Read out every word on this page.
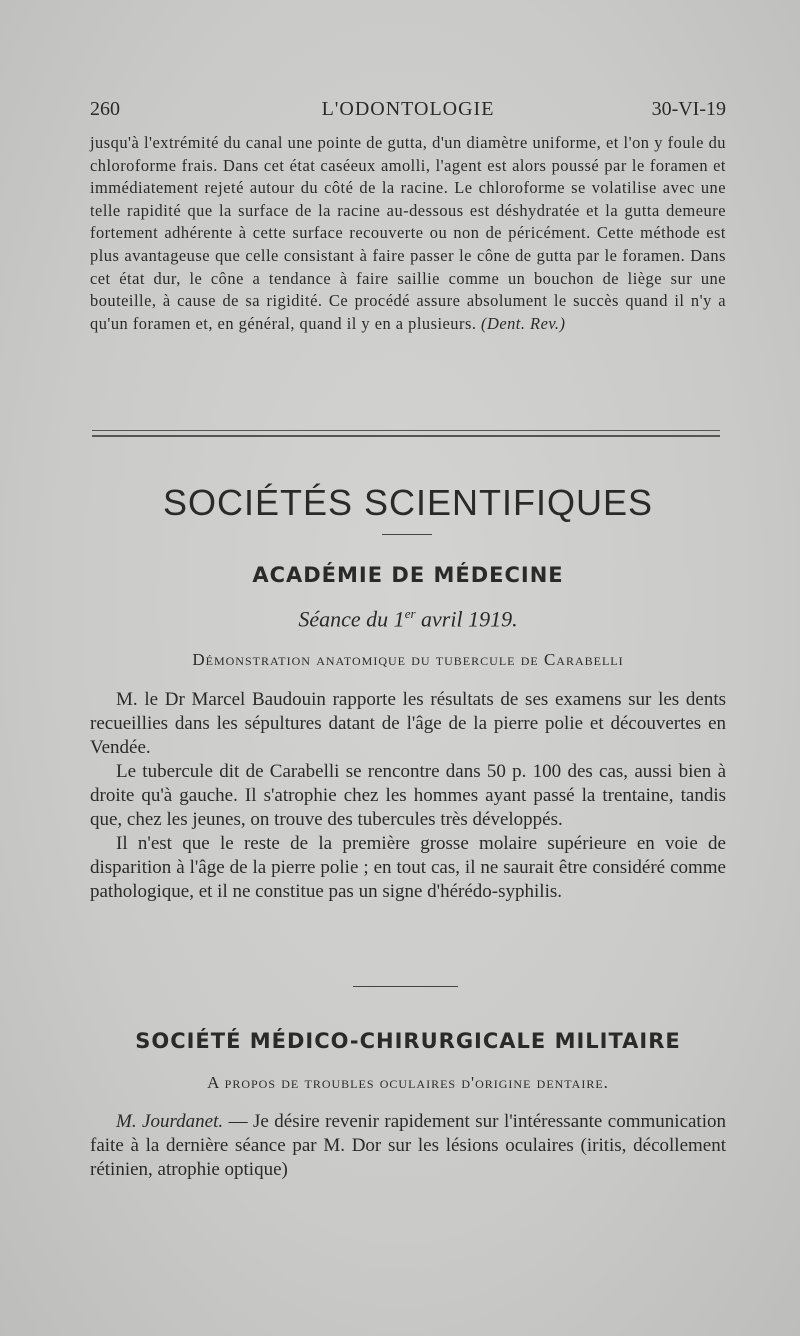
260	L'ODONTOLOGIE	30-VI-19

jusqu'à l'extrémité du canal une pointe de gutta, d'un diamètre uniforme, et l'on y foule du chloroforme frais. Dans cet état caséeux amolli, l'agent est alors poussé par le foramen et immédiatement rejeté autour du côté de la racine. Le chloroforme se volatilise avec une telle rapidité que la surface de la racine au-dessous est déshydratée et la gutta demeure fortement adhérente à cette surface recouverte ou non de péricément. Cette méthode est plus avantageuse que celle consistant à faire passer le cône de gutta par le foramen. Dans cet état dur, le cône a tendance à faire saillie comme un bouchon de liège sur une bouteille, à cause de sa rigidité. Ce procédé assure absolument le succès quand il n'y a qu'un foramen et, en général, quand il y en a plusieurs. (Dent. Rev.)

SOCIÉTÉS SCIENTIFIQUES
ACADÉMIE DE MÉDECINE
Séance du 1er avril 1919.
Démonstration anatomique du tubercule de Carabelli

M. le Dr Marcel Baudouin rapporte les résultats de ses examens sur les dents recueillies dans les sépultures datant de l'âge de la pierre polie et découvertes en Vendée.

Le tubercule dit de Carabelli se rencontre dans 50 p. 100 des cas, aussi bien à droite qu'à gauche. Il s'atrophie chez les hommes ayant passé la trentaine, tandis que, chez les jeunes, on trouve des tubercules très développés.

Il n'est que le reste de la première grosse molaire supérieure en voie de disparition à l'âge de la pierre polie ; en tout cas, il ne saurait être considéré comme pathologique, et il ne constitue pas un signe d'hérédo-syphilis.

SOCIÉTÉ MÉDICO-CHIRURGICALE MILITAIRE
A propos de troubles oculaires d'origine dentaire.

M. Jourdanet. — Je désire revenir rapidement sur l'intéressante communication faite à la dernière séance par M. Dor sur les lésions oculaires (iritis, décollement rétinien, atrophie optique)
